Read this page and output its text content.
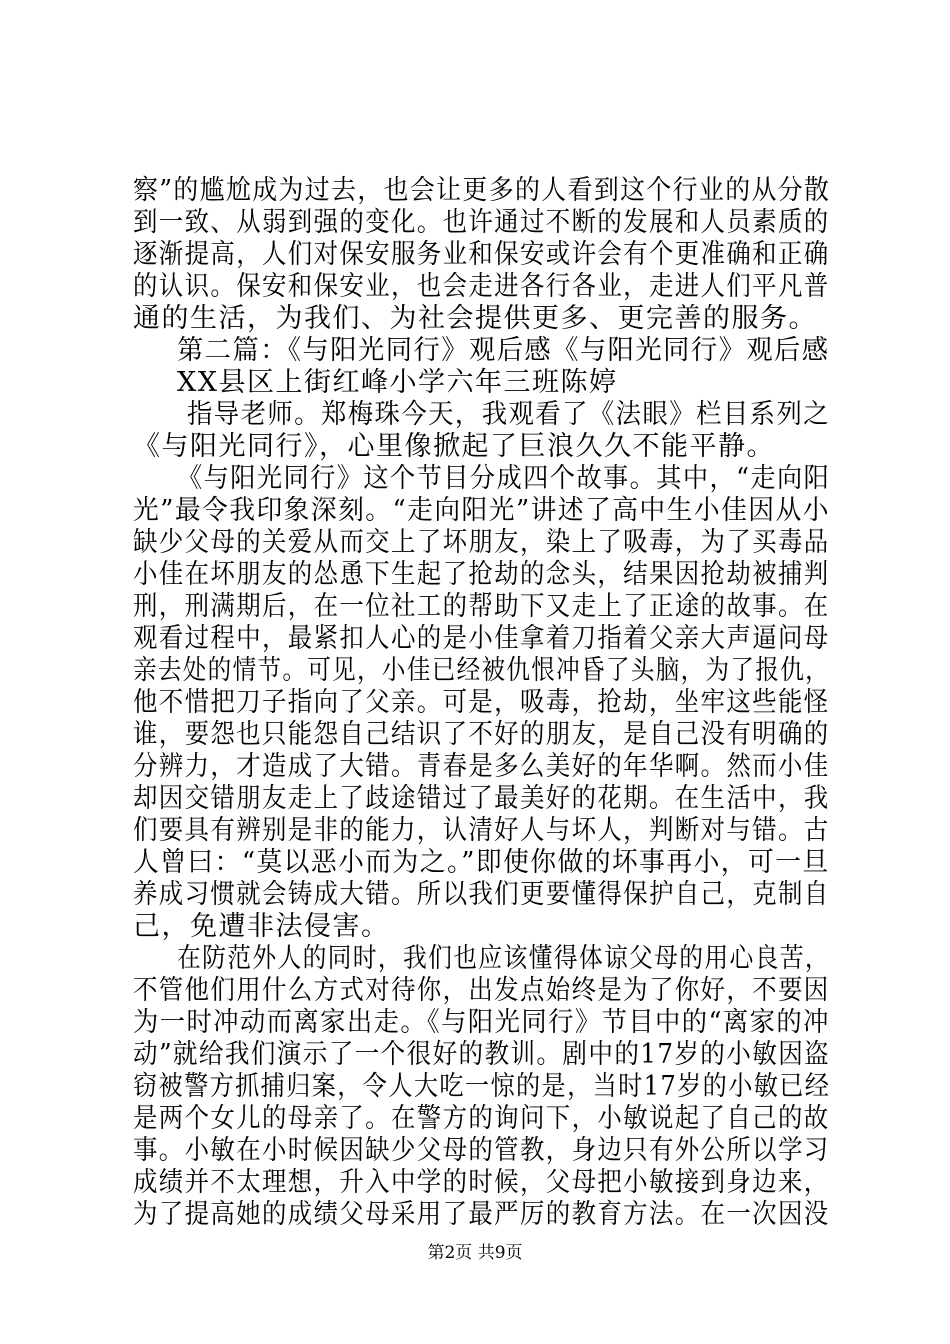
察”的尴尬成为过去，也会让更多的人看到这个行业的从分散
到一致、从弱到强的变化。也许通过不断的发展和人员素质的
逐渐提高，人们对保安服务业和保安或许会有个更准确和正确
的认识。保安和保安业，也会走进各行各业，走进人们平凡普
通的生活，为我们、为社会提供更多、更完善的服务。
第二篇：《与阳光同行》观后感《与阳光同行》观后感
XX县区上街红峰小学六年三班陈婷
指导老师。郑梅珠今天，我观看了《法眼》栏目系列之
《与阳光同行》，心里像掀起了巨浪久久不能平静。
《与阳光同行》这个节目分成四个故事。其中，“走向阳
光”最令我印象深刻。“走向阳光”讲述了高中生小佳因从小
缺少父母的关爱从而交上了坏朋友，染上了吸毒，为了买毒品
小佳在坏朋友的怂恿下生起了抢劫的念头，结果因抢劫被捕判
刑，刑满期后，在一位社工的帮助下又走上了正途的故事。在
观看过程中，最紧扣人心的是小佳拿着刀指着父亲大声逼问母
亲去处的情节。可见，小佳已经被仇恨冲昏了头脑，为了报仇，
他不惜把刀子指向了父亲。可是，吸毒，抢劫，坐牢这些能怪
谁，要怨也只能怨自己结识了不好的朋友，是自己没有明确的
分辨力，才造成了大错。青春是多么美好的年华啊。然而小佳
却因交错朋友走上了歧途错过了最美好的花期。在生活中，我
们要具有辨别是非的能力，认清好人与坏人，判断对与错。古
人曾曰：“莫以恶小而为之。”即使你做的坏事再小，可一旦
养成习惯就会铸成大错。所以我们更要懂得保护自己，克制自
己，免遭非法侵害。
在防范外人的同时，我们也应该懂得体谅父母的用心良苦，
不管他们用什么方式对待你，出发点始终是为了你好，不要因
为一时冲动而离家出走。《与阳光同行》节目中的“离家的冲
动”就给我们演示了一个很好的教训。剧中的17岁的小敏因盗
窃被警方抓捕归案，令人大吃一惊的是，当时17岁的小敏已经
是两个女儿的母亲了。在警方的询问下，小敏说起了自己的故
事。小敏在小时候因缺少父母的管教，身边只有外公所以学习
成绩并不太理想，升入中学的时候，父母把小敏接到身边来，
为了提高她的成绩父母采用了最严厉的教育方法。在一次因没
第2页 共9页
